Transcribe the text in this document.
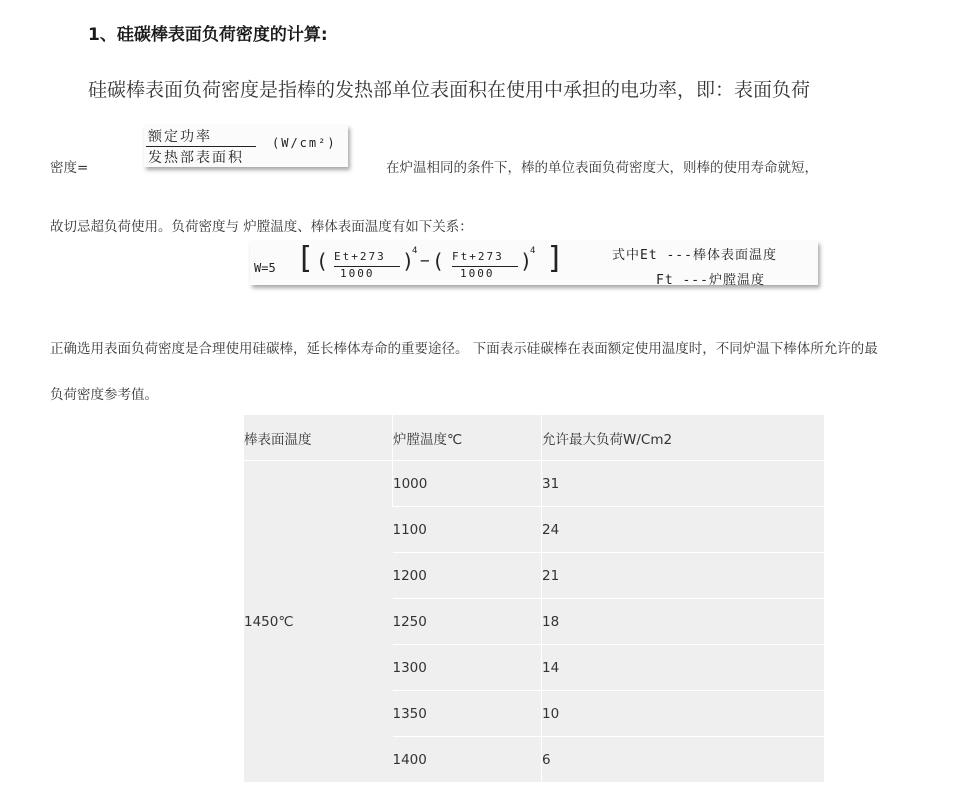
1、硅碳棒表面负荷密度的计算:
硅碳棒表面负荷密度是指棒的发热部单位表面积在使用中承担的电功率，即：表面负荷
密度=
额定功率
发热部表面积
(W/cm²)
在炉温相同的条件下，棒的单位表面负荷密度大，则棒的使用寿命就短，
故切忌超负荷使用。负荷密度与 炉膛温度、棒体表面温度有如下关系：
W=5 [ ( Et+273
1000
)
4 − ( Ft+273
1000
)
4 ]	式中Et ---棒体表面温度
Ft ---炉膛温度
正确选用表面负荷密度是合理使用硅碳棒，延长棒体寿命的重要途径。 下面表示硅碳棒在表面额定使用温度时，不同炉温下棒体所允许的最
负荷密度参考值。
棒表面温度	炉膛温度℃	允许最大负荷W/Cm2
1450℃	1000	31
	1100	24
	1200	21
	1250	18
	1300	14
	1350	10
	1400	6
